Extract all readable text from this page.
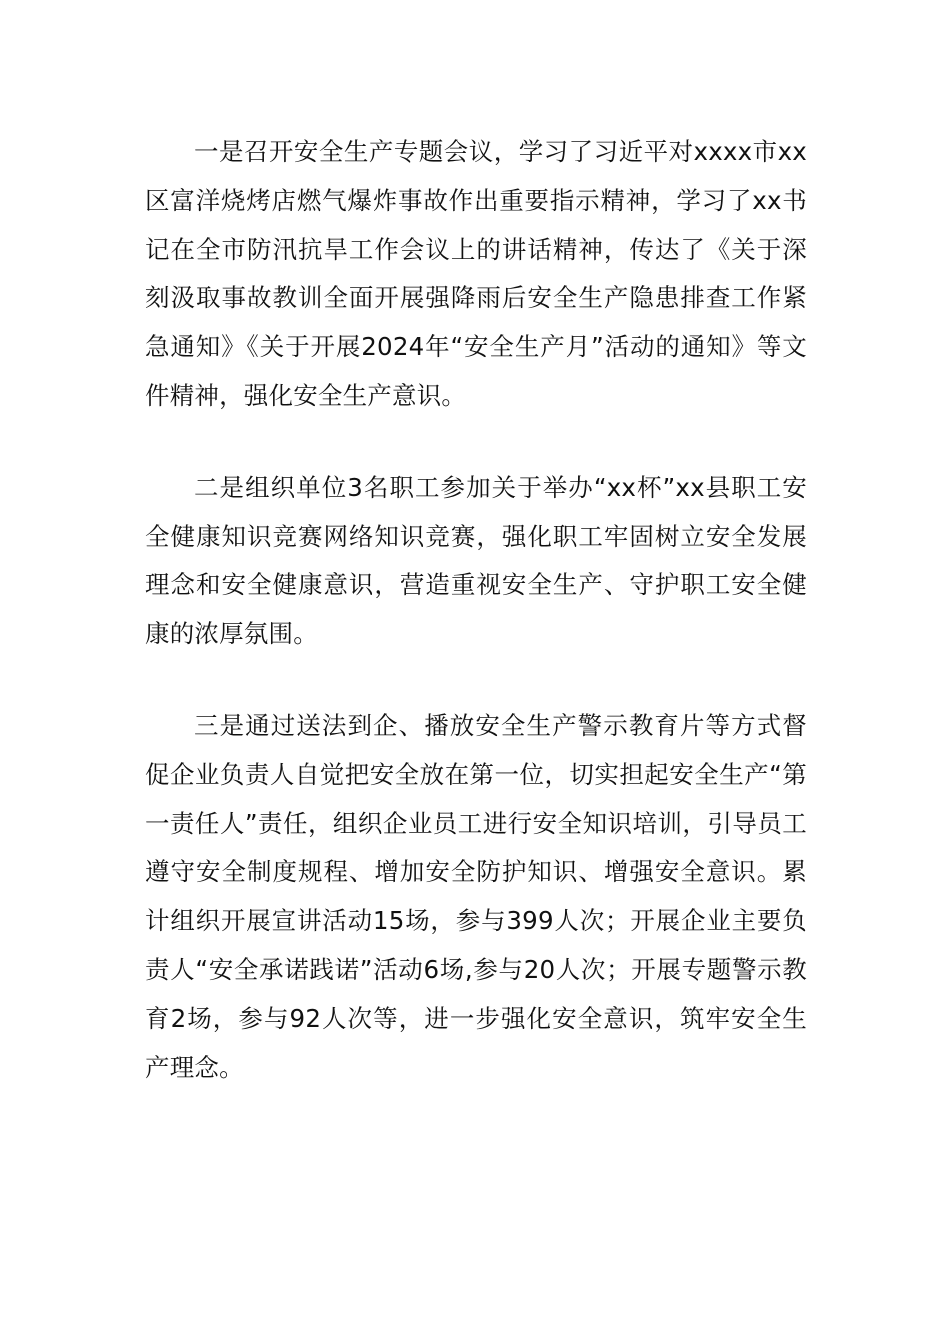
一是召开安全生产专题会议，学习了习近平对xxxx市xx区富洋烧烤店燃气爆炸事故作出重要指示精神，学习了xx书记在全市防汛抗旱工作会议上的讲话精神，传达了《关于深刻汲取事故教训全面开展强降雨后安全生产隐患排查工作紧急通知》《关于开展2024年“安全生产月”活动的通知》等文件精神，强化安全生产意识。

二是组织单位3名职工参加关于举办“xx杯”xx县职工安全健康知识竞赛网络知识竞赛，强化职工牢固树立安全发展理念和安全健康意识，营造重视安全生产、守护职工安全健康的浓厚氛围。

三是通过送法到企、播放安全生产警示教育片等方式督促企业负责人自觉把安全放在第一位，切实担起安全生产“第一责任人”责任，组织企业员工进行安全知识培训，引导员工遵守安全制度规程、增加安全防护知识、增强安全意识。累计组织开展宣讲活动15场，参与399人次；开展企业主要负责人“安全承诺践诺”活动6场,参与20人次；开展专题警示教育2场，参与92人次等，进一步强化安全意识，筑牢安全生产理念。
